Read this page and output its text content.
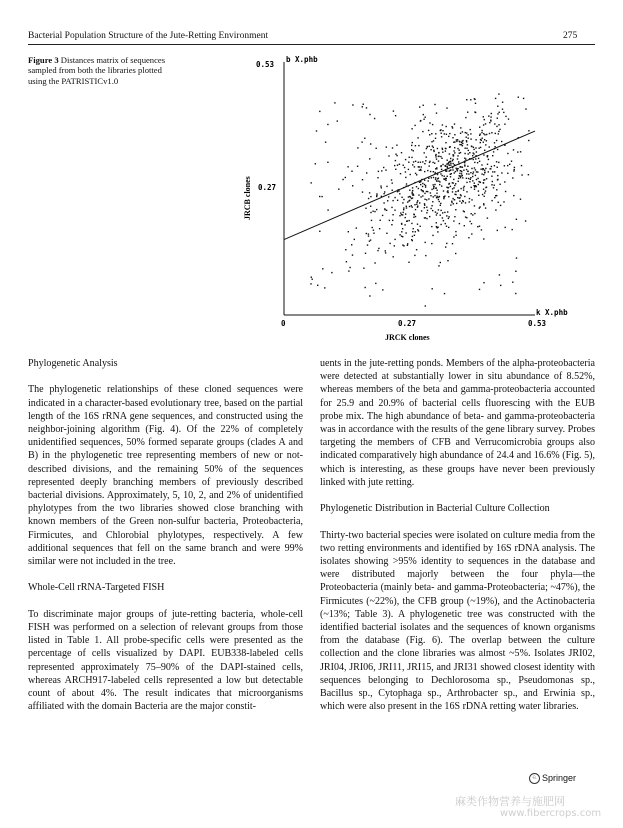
Bacterial Population Structure of the Jute-Retting Environment	275
Figure 3 Distances matrix of sequences sampled from both the libraries plotted using the PATRISTICv1.0
0.53
0.27
0	0.27	0.53
b X.phb
k X.phb
JRCK clones
JRCB clones

Phylogenetic Analysis

The phylogenetic relationships of these cloned sequences were indicated in a character-based evolutionary tree, based on the partial length of the 16S rRNA gene sequences, and constructed using the neighbor-joining algorithm (Fig. 4). Of the 22% of completely unidentified sequences, 50% formed separate groups (clades A and B) in the phylogenetic tree representing members of new or not-described divisions, and the remaining 50% of the sequences represented deeply branching members of previously described bacterial divisions. Approximately, 5, 10, 2, and 2% of unidentified phylotypes from the two libraries showed close branching with known members of the Green non-sulfur bacteria, Proteobacteria, Firmicutes, and Chlorobial phylotypes, respectively. A few additional sequences that fell on the same branch and were 99% similar were not included in the tree.

Whole-Cell rRNA-Targeted FISH

To discriminate major groups of jute-retting bacteria, whole-cell FISH was performed on a selection of relevant groups from those listed in Table 1. All probe-specific cells were presented as the percentage of cells visualized by DAPI. EUB338-labeled cells represented approximately 75–90% of the DAPI-stained cells, whereas ARCH917-labeled cells represented a low but detectable count of about 4%. The result indicates that microorganisms affiliated with the domain Bacteria are the major constit-

uents in the jute-retting ponds. Members of the alpha-proteobacteria were detected at substantially lower in situ abundance of 8.52%, whereas members of the beta and gamma-proteobacteria accounted for 25.9 and 20.9% of bacterial cells fluorescing with the EUB probe mix. The high abundance of beta- and gamma-proteobacteria was in accordance with the results of the gene library survey. Probes targeting the members of CFB and Verrucomicrobia groups also indicated comparatively high abundance of 24.4 and 16.6% (Fig. 5), which is interesting, as these groups have never been previously linked with jute retting.

Phylogenetic Distribution in Bacterial Culture Collection

Thirty-two bacterial species were isolated on culture media from the two retting environments and identified by 16S rDNA analysis. The isolates showing >95% identity to sequences in the database and were distributed majorly between the four phyla—the Proteobacteria (mainly beta- and gamma-Proteobacteria; ~47%), the Firmicutes (~22%), the CFB group (~19%), and the Actinobacteria (~13%; Table 3). A phylogenetic tree was constructed with the identified bacterial isolates and the sequences of known organisms from the database (Fig. 6). The overlap between the culture collection and the clone libraries was almost ~5%. Isolates JRI02, JRI04, JRI06, JRI11, JRI15, and JRI31 showed closest identity with sequences belonging to Dechlorosoma sp., Pseudomonas sp., Bacillus sp., Cytophaga sp., Arthrobacter sp., and Erwinia sp., which were also present in the 16S rDNA retting water libraries.

♘ Springer
麻类作物营养与施肥网
www.fibercrops.com
